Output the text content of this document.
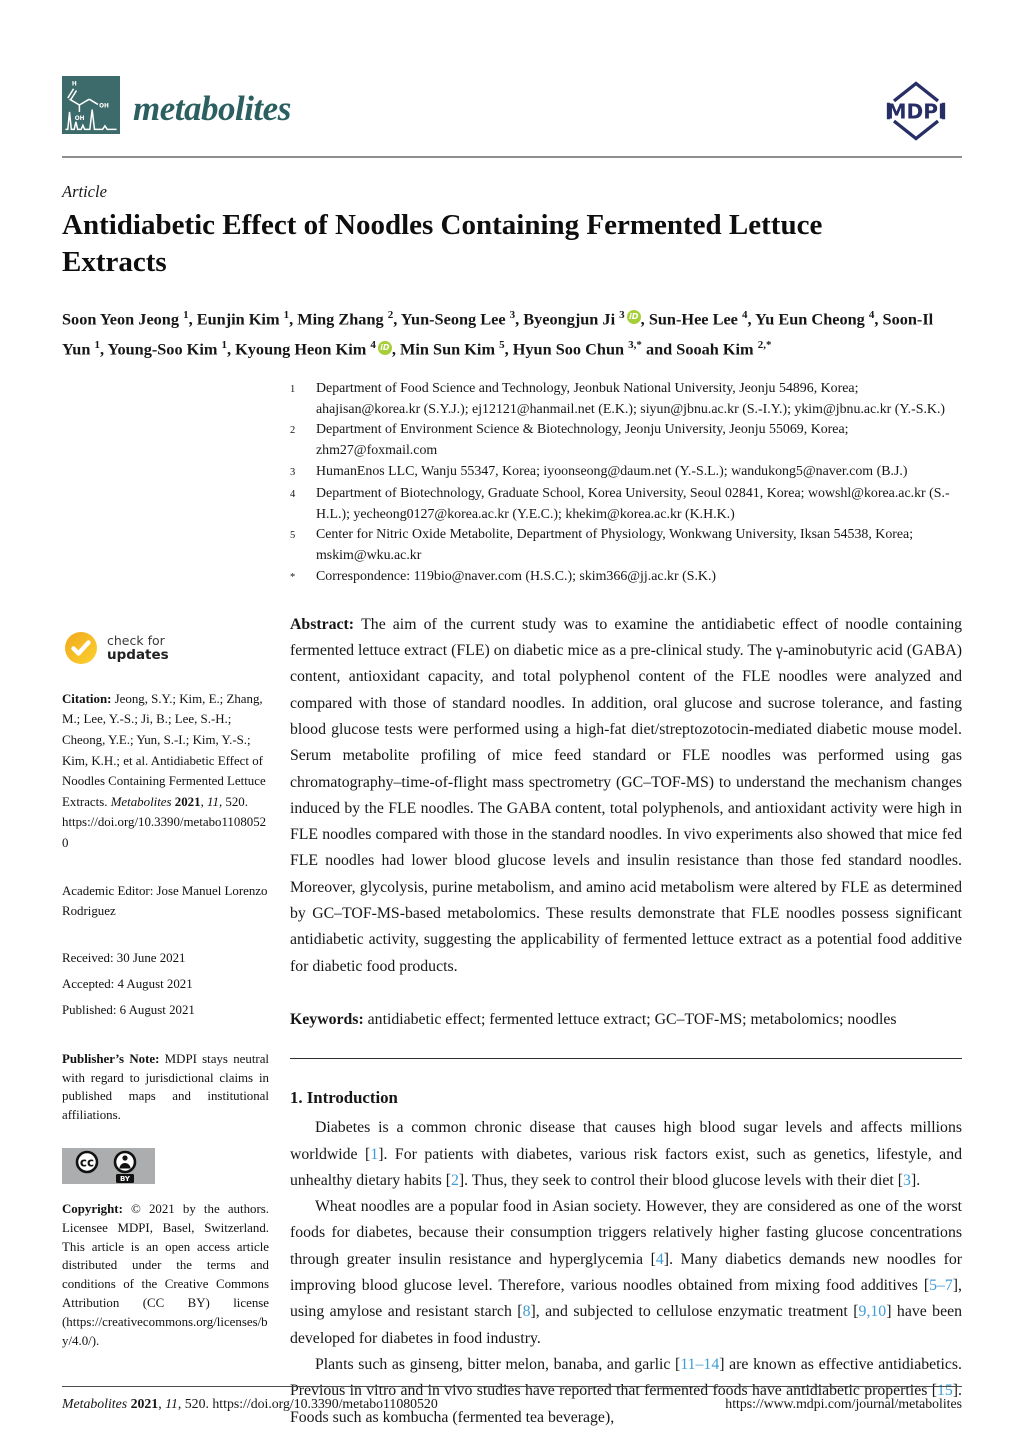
H
OH
OH metabolites	MDPI
Article
Antidiabetic Effect of Noodles Containing Fermented Lettuce Extracts
Soon Yeon Jeong $^1$, Eunjin Kim $^1$, Ming Zhang $^2$, Yun-Seong Lee $^3$, Byeongjun Ji $^3$ iD , Sun-Hee Lee $^4$, Yu Eun Cheong $^4$, Soon-Il Yun $^1$, Young-Soo Kim $^1$, Kyoung Heon Kim $^4$ iD , Min Sun Kim $^5$, Hyun Soo Chun $^{3,*}$ and Sooah Kim $^{2,*}$
check for
updates
Citation: Jeong, S.Y.; Kim, E.; Zhang, M.; Lee, Y.-S.; Ji, B.; Lee, S.-H.; Cheong, Y.E.; Yun, S.-I.; Kim, Y.-S.; Kim, K.H.; et al. Antidiabetic Effect of Noodles Containing Fermented Lettuce Extracts. Metabolites 2021, 11, 520. https://doi.org/10.3390/metabo11080520
Academic Editor: Jose Manuel Lorenzo Rodriguez
Received: 30 June 2021
Accepted: 4 August 2021
Published: 6 August 2021
Publisher’s Note: MDPI stays neutral with regard to jurisdictional claims in published maps and institutional affiliations.
cc
BY
Copyright: © 2021 by the authors. Licensee MDPI, Basel, Switzerland. This article is an open access article distributed under the terms and conditions of the Creative Commons Attribution (CC BY) license (https://creativecommons.org/licenses/by/4.0/).
1	Department of Food Science and Technology, Jeonbuk National University, Jeonju 54896, Korea; ahajisan@korea.kr (S.Y.J.); ej12121@hanmail.net (E.K.); siyun@jbnu.ac.kr (S.-I.Y.); ykim@jbnu.ac.kr (Y.-S.K.)
2	Department of Environment Science & Biotechnology, Jeonju University, Jeonju 55069, Korea; zhm27@foxmail.com
3	HumanEnos LLC, Wanju 55347, Korea; iyoonseong@daum.net (Y.-S.L.); wandukong5@naver.com (B.J.)
4	Department of Biotechnology, Graduate School, Korea University, Seoul 02841, Korea; wowshl@korea.ac.kr (S.-H.L.); yecheong0127@korea.ac.kr (Y.E.C.); khekim@korea.ac.kr (K.H.K.)
5	Center for Nitric Oxide Metabolite, Department of Physiology, Wonkwang University, Iksan 54538, Korea; mskim@wku.ac.kr
*	Correspondence: 119bio@naver.com (H.S.C.); skim366@jj.ac.kr (S.K.)
Abstract: The aim of the current study was to examine the antidiabetic effect of noodle containing fermented lettuce extract (FLE) on diabetic mice as a pre-clinical study. The γ-aminobutyric acid (GABA) content, antioxidant capacity, and total polyphenol content of the FLE noodles were analyzed and compared with those of standard noodles. In addition, oral glucose and sucrose tolerance, and fasting blood glucose tests were performed using a high-fat diet/streptozotocin-mediated diabetic mouse model. Serum metabolite profiling of mice feed standard or FLE noodles was performed using gas chromatography–time-of-flight mass spectrometry (GC–TOF-MS) to understand the mechanism changes induced by the FLE noodles. The GABA content, total polyphenols, and antioxidant activity were high in FLE noodles compared with those in the standard noodles. In vivo experiments also showed that mice fed FLE noodles had lower blood glucose levels and insulin resistance than those fed standard noodles. Moreover, glycolysis, purine metabolism, and amino acid metabolism were altered by FLE as determined by GC–TOF-MS-based metabolomics. These results demonstrate that FLE noodles possess significant antidiabetic activity, suggesting the applicability of fermented lettuce extract as a potential food additive for diabetic food products.
Keywords: antidiabetic effect; fermented lettuce extract; GC–TOF-MS; metabolomics; noodles
1. Introduction

Diabetes is a common chronic disease that causes high blood sugar levels and affects millions worldwide [1]. For patients with diabetes, various risk factors exist, such as genetics, lifestyle, and unhealthy dietary habits [2]. Thus, they seek to control their blood glucose levels with their diet [3].

Wheat noodles are a popular food in Asian society. However, they are considered as one of the worst foods for diabetes, because their consumption triggers relatively higher fasting glucose concentrations through greater insulin resistance and hyperglycemia [4]. Many diabetics demands new noodles for improving blood glucose level. Therefore, various noodles obtained from mixing food additives [5–7], using amylose and resistant starch [8], and subjected to cellulose enzymatic treatment [9,10] have been developed for diabetes in food industry.

Plants such as ginseng, bitter melon, banaba, and garlic [11–14] are known as effective antidiabetics. Previous in vitro and in vivo studies have reported that fermented foods have antidiabetic properties [15]. Foods such as kombucha (fermented tea beverage),

Metabolites 2021, 11, 520. https://doi.org/10.3390/metabo11080520	https://www.mdpi.com/journal/metabolites
